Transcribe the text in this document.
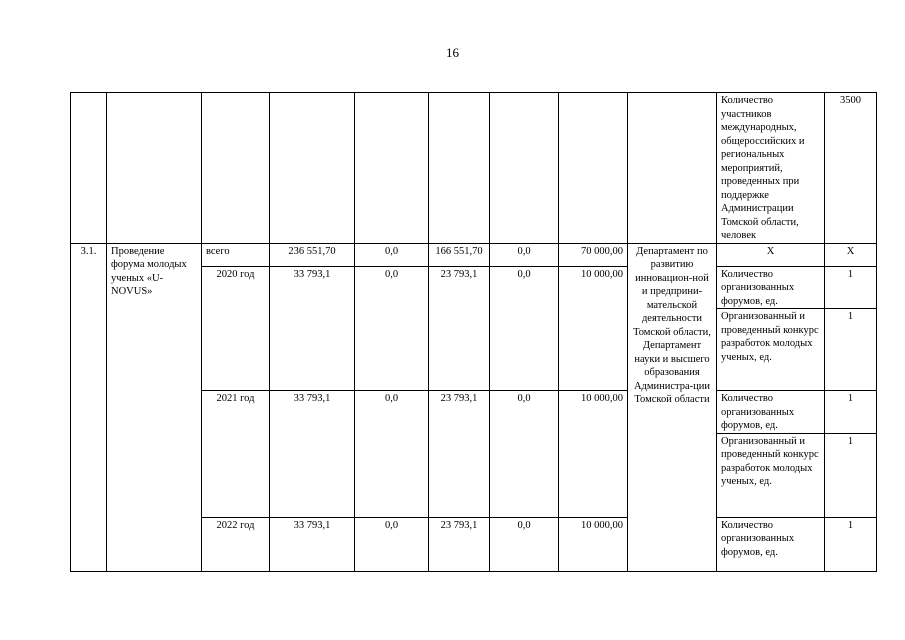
16
									Количество участников международных, общероссийских и региональных мероприятий, проведенных при поддержке Администрации Томской области, человек	3500
3.1.	Проведение форума молодых ученых «U-NOVUS»	всего	236 551,70	0,0	166 551,70	0,0	70 000,00	Департамент по развитию инновацион-ной и предприни-мательской деятельности Томской области, Департамент науки и высшего образования Администра-ции Томской области	Х	Х
		2020 год	33 793,1	0,0	23 793,1	0,0	10 000,00		Количество организованных форумов, ед.	1
									Организованный и проведенный конкурс разработок молодых ученых, ед.	1
		2021 год	33 793,1	0,0	23 793,1	0,0	10 000,00		Количество организованных форумов, ед.	1
									Организованный и проведенный конкурс разработок молодых ученых, ед.	1
		2022 год	33 793,1	0,0	23 793,1	0,0	10 000,00		Количество организованных форумов, ед.	1
